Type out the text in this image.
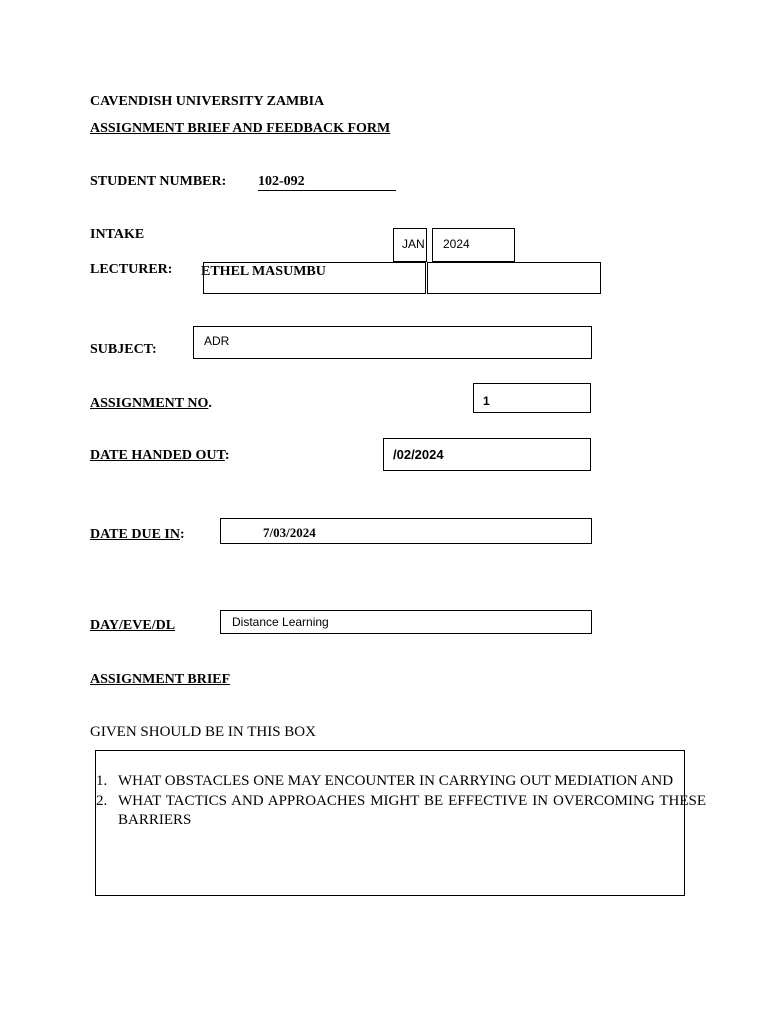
CAVENDISH UNIVERSITY ZAMBIA
ASSIGNMENT BRIEF AND FEEDBACK FORM
STUDENT NUMBER: 102-092
INTAKE
JAN 2024
LECTURER: ETHEL MASUMBU
SUBJECT:
ADR
ASSIGNMENT NO.	1
DATE HANDED OUT:	/02/2024
DATE DUE IN:	7/03/2024
DAY/EVE/DL	Distance Learning
ASSIGNMENT BRIEF
GIVEN SHOULD BE IN THIS BOX
1. WHAT OBSTACLES ONE MAY ENCOUNTER IN CARRYING OUT MEDIATION AND
2. WHAT TACTICS AND APPROACHES MIGHT BE EFFECTIVE IN OVERCOMING THESE BARRIERS
